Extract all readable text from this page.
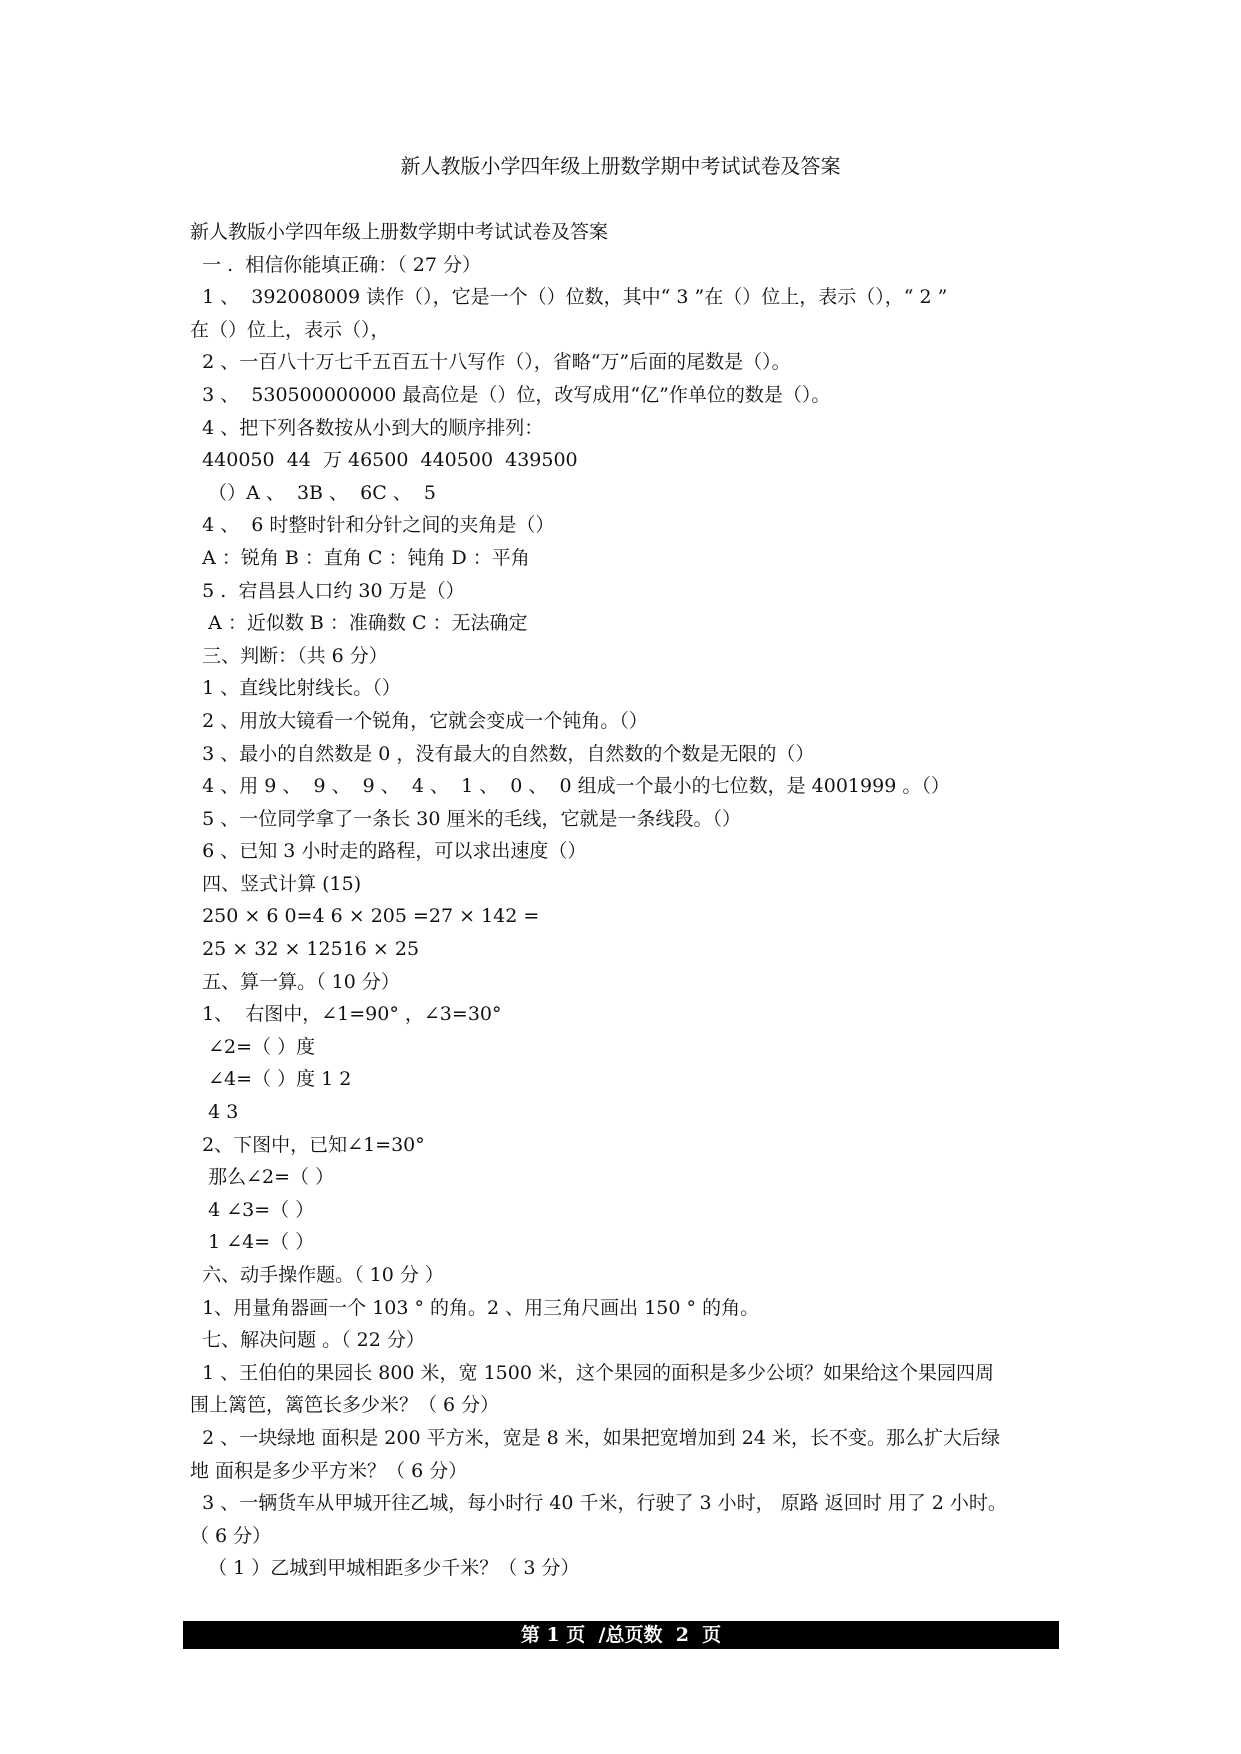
新人教版小学四年级上册数学期中考试试卷及答案
新人教版小学四年级上册数学期中考试试卷及答案
一 .  相信你能填正确：（ 27 分）
1 、  392008009 读作（），它是一个（）位数，其中“ 3 ”在（）位上，表示（），“ 2 ”
在（）位上，表示（），
2 、一百八十万七千五百五十八写作（），省略“万”后面的尾数是（）。
3 、  530500000000 最高位是（）位，改写成用“亿”作单位的数是（）。
4 、把下列各数按从小到大的顺序排列：
440050  44  万 46500  440500  439500
（）A 、  3B 、  6C 、  5
4 、  6 时整时针和分针之间的夹角是（）
A ：锐角 B ：直角 C ：钝角 D ：平角
5 .  宕昌县人口约 30 万是（）
A ：近似数 B ：准确数 C ：无法确定
三、判断：（共 6 分）
1 、直线比射线长。（）
2 、用放大镜看一个锐角，它就会变成一个钝角。（）
3 、最小的自然数是 0 ，没有最大的自然数，自然数的个数是无限的（）
4 、用 9 、  9 、  9 、  4 、  1 、  0 、  0 组成一个最小的七位数，是 4001999 。（）
5 、一位同学拿了一条长 30 厘米的毛线，它就是一条线段。（）
6 、已知 3 小时走的路程，可以求出速度（）
四、竖式计算 (15)
250 × 6 0=4 6 × 205 =27 × 142 =
25 × 32 × 12516 × 25
五、算一算。（ 10 分）
1、  右图中，∠1=90° ，∠3=30°
∠2=（ ）度
∠4=（ ）度 1 2
4 3
2、下图中，已知∠1=30°
那么∠2=（ ）
4 ∠3=（ ）
1 ∠4=（ ）
六、动手操作题。（ 10 分 ）
1、用量角器画一个 103 ° 的角。2 、用三角尺画出 150 ° 的角。
七、解决问题 。（ 22 分）
1 、王伯伯的果园长 800 米，宽 1500 米，这个果园的面积是多少公顷？如果给这个果园四周
围上篱笆，篱笆长多少米？（ 6 分）
2 、一块绿地 面积是 200 平方米，宽是 8 米，如果把宽增加到 24 米，长不变。那么扩大后绿
地 面积是多少平方米？（ 6 分）
3 、一辆货车从甲城开往乙城，每小时行 40 千米，行驶了 3 小时， 原路 返回时 用了 2 小时。
（ 6 分）
（ 1 ）乙城到甲城相距多少千米？（ 3 分）
第 1 页  /总页数  2  页
